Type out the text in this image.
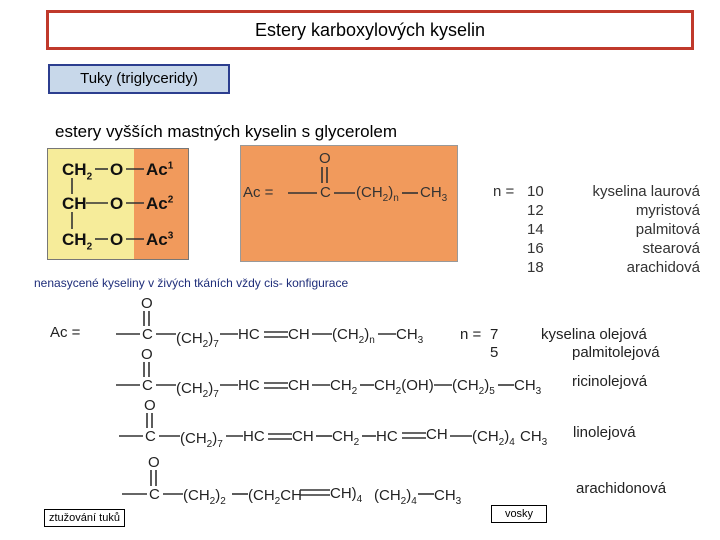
Estery karboxylových kyselin
Tuky (triglyceridy)
estery vyšších mastných kyselin s glycerolem
$CH_2$ O Ac$^1$
CH O Ac$^2$
$CH_2$ O Ac$^3$
Ac =
O
C $(CH_2)_n$ $CH_3$	n = 10
12
14
16
18
kyselina laurová
myristová
palmitová
stearová
arachidová
nenasycené kyseliny v živých tkáních vždy cis- konfigurace
Ac =
O
C $(CH_2)_7$
HC CH $(CH_2)_n$ $CH_3$ n = 7
5
kyselina olejová
palmitolejová
O
C $(CH_2)_7$
HC CH $CH_2$ $CH_2(OH)$ $(CH_2)_5$ $CH_3$
ricinolejová
O
C $(CH_2)_7$ HC CH $CH_2$ HC CH $(CH_2)_4$ $CH_3$
linolejová
O
C $(CH_2)_2$ ($CH_2CH$ $CH)_4$ $(CH_2)_4$ $CH_3$
arachidonová
ztužování tuků	vosky
